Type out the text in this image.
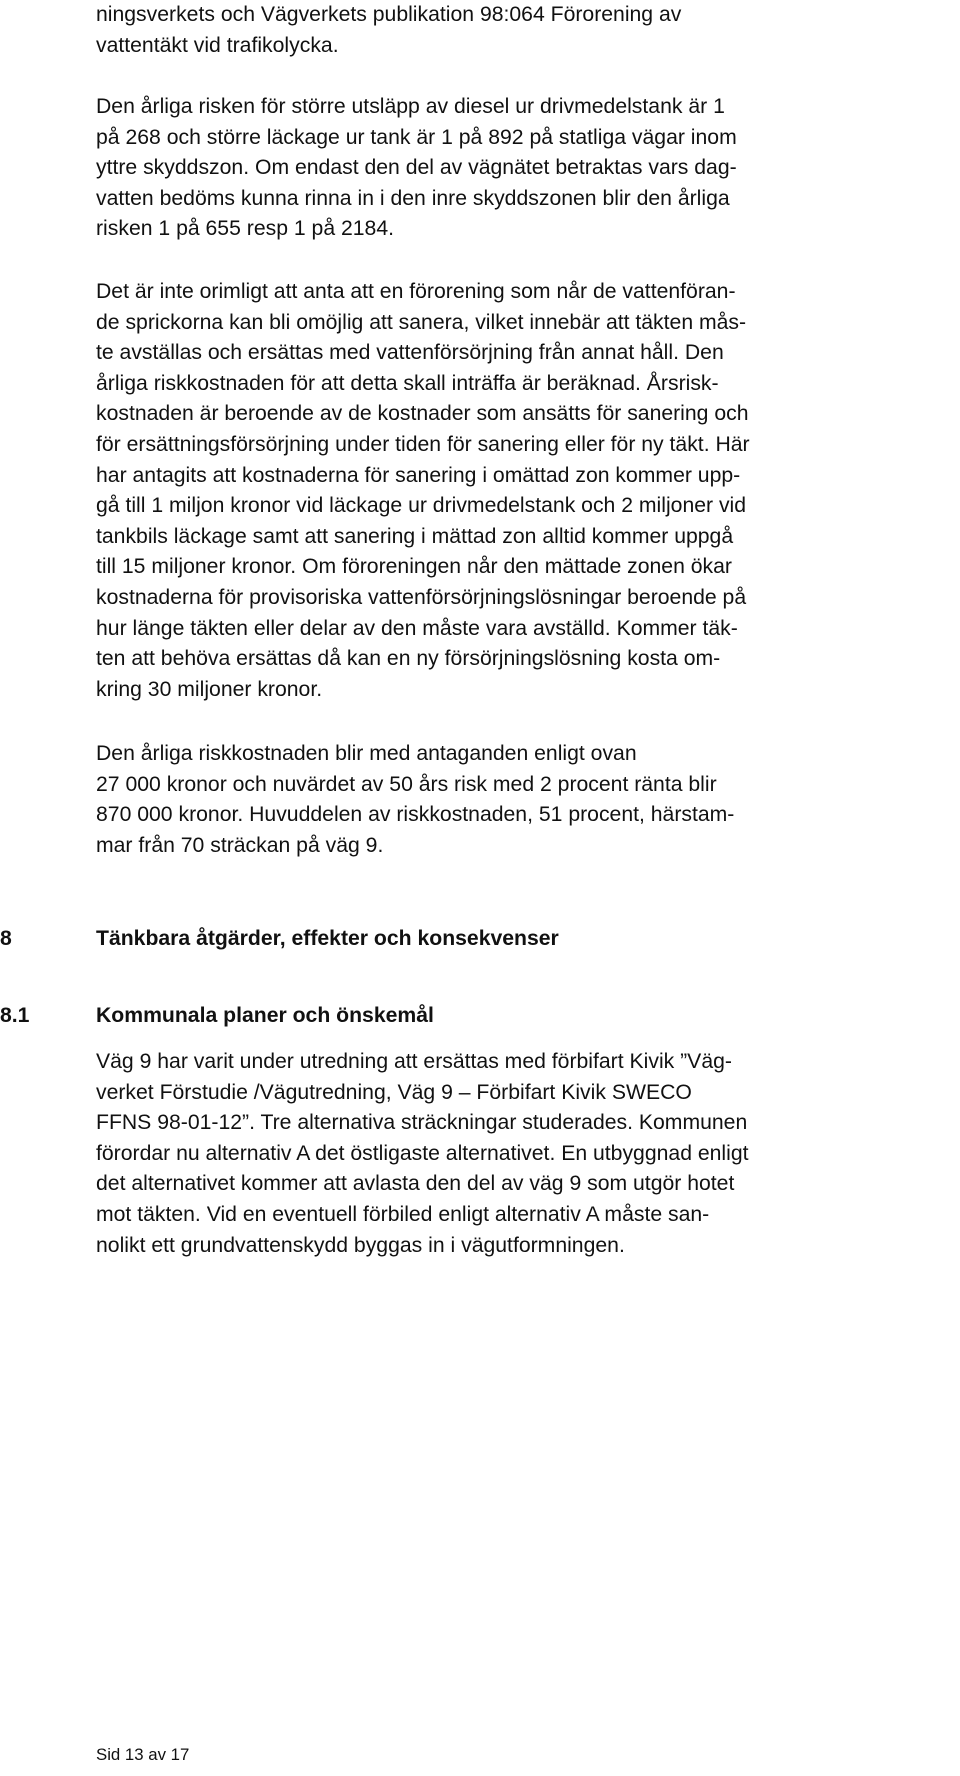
ningsverkets och Vägverkets publikation 98:064 Förorening av
vattentäkt vid trafikolycka.
Den årliga risken för större utsläpp av diesel ur drivmedelstank är 1
på 268 och större läckage ur tank är 1 på 892 på statliga vägar inom
yttre skyddszon. Om endast den del av vägnätet betraktas vars dag-
vatten bedöms kunna rinna in i den inre skyddszonen blir den årliga
risken 1 på 655 resp 1 på 2184.
Det är inte orimligt att anta att en förorening som når de vattenföran-
de sprickorna kan bli omöjlig att sanera, vilket innebär att täkten mås-
te avställas och ersättas med vattenförsörjning från annat håll. Den
årliga riskkostnaden för att detta skall inträffa är beräknad. Årsrisk-
kostnaden är beroende av de kostnader som ansätts för sanering och
för ersättningsförsörjning under tiden för sanering eller för ny täkt. Här
har antagits att kostnaderna för sanering i omättad zon kommer upp-
gå till 1 miljon kronor vid läckage ur drivmedelstank och 2 miljoner vid
tankbils läckage samt att sanering i mättad zon alltid kommer uppgå
till 15 miljoner kronor. Om föroreningen når den mättade zonen ökar
kostnaderna för provisoriska vattenförsörjningslösningar beroende på
hur länge täkten eller delar av den måste vara avställd. Kommer täk-
ten att behöva ersättas då kan en ny försörjningslösning kosta om-
kring 30 miljoner kronor.
Den årliga riskkostnaden blir med antaganden enligt ovan
27 000 kronor och nuvärdet av 50 års risk med 2 procent ränta blir
870 000 kronor. Huvuddelen av riskkostnaden, 51 procent, härstam-
mar från 70 sträckan på väg 9.
8	Tänkbara åtgärder, effekter och konsekvenser
8.1	Kommunala planer och önskemål
Väg 9 har varit under utredning att ersättas med förbifart Kivik ”Väg-
verket Förstudie /Vägutredning, Väg 9 – Förbifart Kivik SWECO
FFNS 98-01-12”. Tre alternativa sträckningar studerades. Kommunen
förordar nu alternativ A det östligaste alternativet. En utbyggnad enligt
det alternativet kommer att avlasta den del av väg 9 som utgör hotet
mot täkten. Vid en eventuell förbiled enligt alternativ A måste san-
nolikt ett grundvattenskydd byggas in i vägutformningen.
Sid 13 av 17
